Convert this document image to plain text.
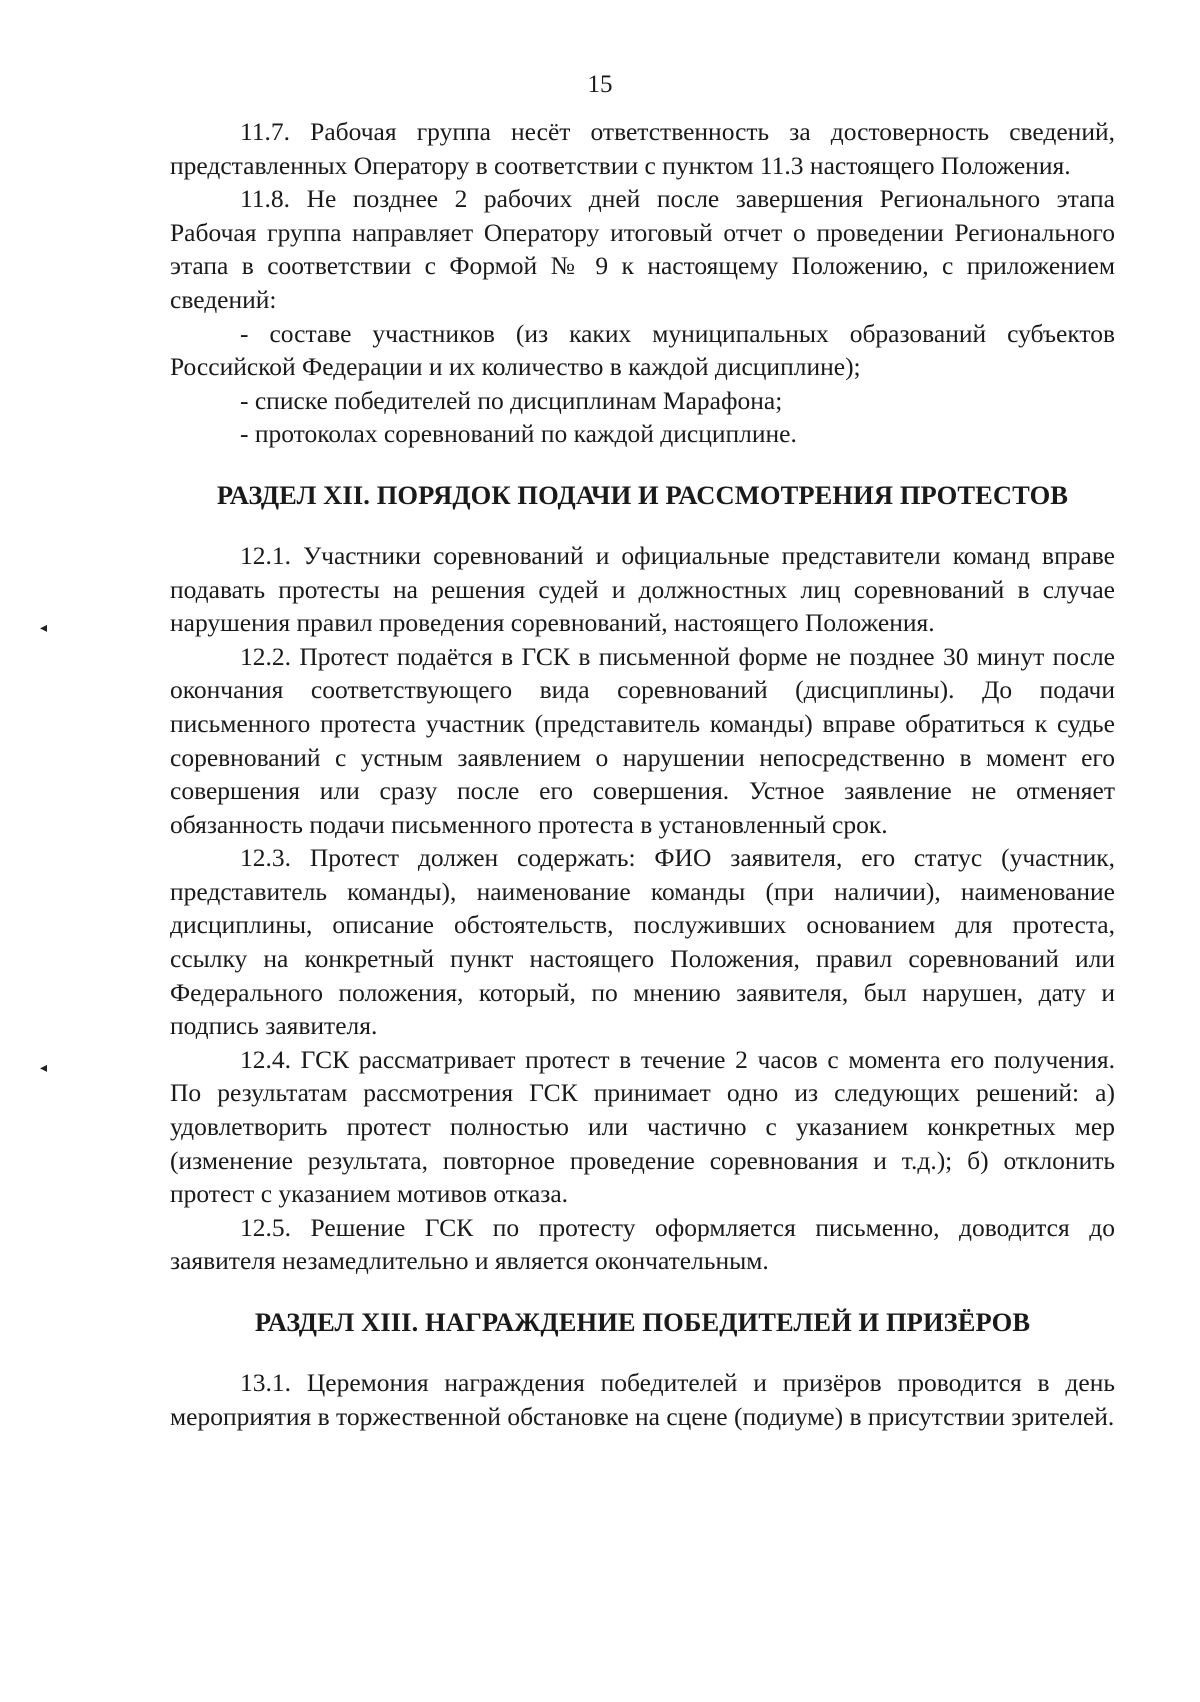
15

11.7. Рабочая группа несёт ответственность за достоверность сведений, представленных Оператору в соответствии с пунктом 11.3 настоящего Положения.

11.8. Не позднее 2 рабочих дней после завершения Регионального этапа Рабочая группа направляет Оператору итоговый отчет о проведении Регионального этапа в соответствии с Формой № 9 к настоящему Положению, с приложением сведений:

- составе участников (из каких муниципальных образований субъектов Российской Федерации и их количество в каждой дисциплине);

- списке победителей по дисциплинам Марафона;

- протоколах соревнований по каждой дисциплине.

РАЗДЕЛ XII. ПОРЯДОК ПОДАЧИ И РАССМОТРЕНИЯ ПРОТЕСТОВ

12.1. Участники соревнований и официальные представители команд вправе подавать протесты на решения судей и должностных лиц соревнований в случае нарушения правил проведения соревнований, настоящего Положения.

12.2. Протест подаётся в ГСК в письменной форме не позднее 30 минут после окончания соответствующего вида соревнований (дисциплины). До подачи письменного протеста участник (представитель команды) вправе обратиться к судье соревнований с устным заявлением о нарушении непосредственно в момент его совершения или сразу после его совершения. Устное заявление не отменяет обязанность подачи письменного протеста в установленный срок.

12.3. Протест должен содержать: ФИО заявителя, его статус (участник, представитель команды), наименование команды (при наличии), наименование дисциплины, описание обстоятельств, послуживших основанием для протеста, ссылку на конкретный пункт настоящего Положения, правил соревнований или Федерального положения, который, по мнению заявителя, был нарушен, дату и подпись заявителя.

12.4. ГСК рассматривает протест в течение 2 часов с момента его получения. По результатам рассмотрения ГСК принимает одно из следующих решений: а) удовлетворить протест полностью или частично с указанием конкретных мер (изменение результата, повторное проведение соревнования и т.д.); б) отклонить протест с указанием мотивов отказа.

12.5. Решение ГСК по протесту оформляется письменно, доводится до заявителя незамедлительно и является окончательным.

РАЗДЕЛ XIII. НАГРАЖДЕНИЕ ПОБЕДИТЕЛЕЙ И ПРИЗЁРОВ

13.1. Церемония награждения победителей и призёров проводится в день мероприятия в торжественной обстановке на сцене (подиуме) в присутствии зрителей.

◂
◂
